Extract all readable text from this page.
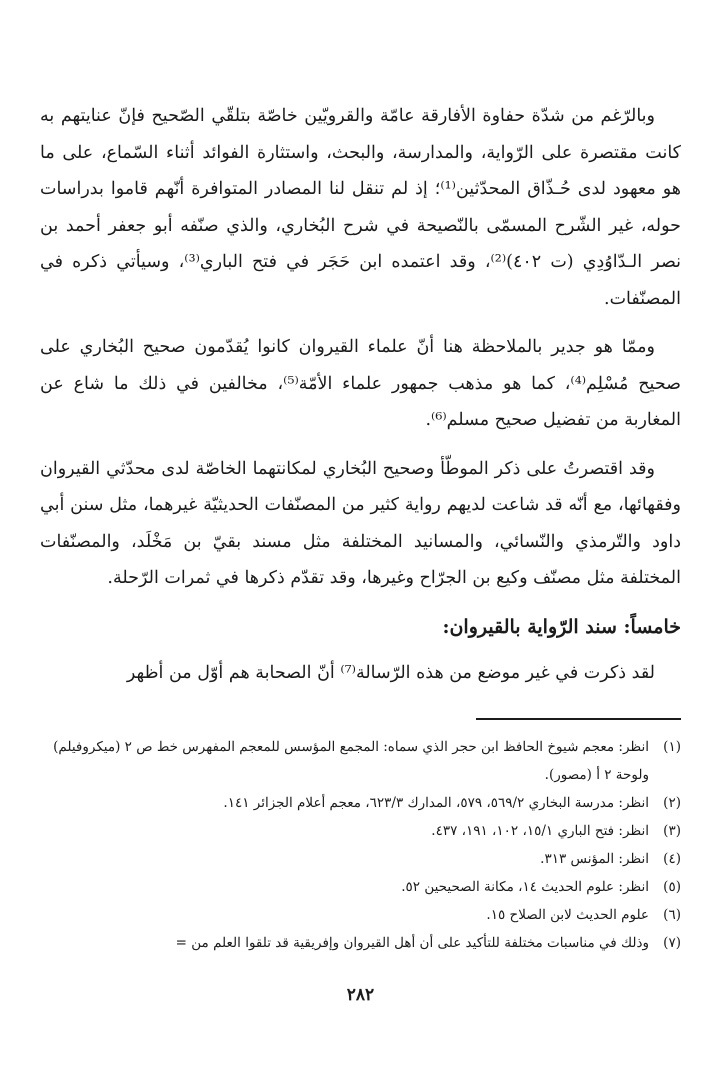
وبالرّغم من شدّة حفاوة الأفارقة عامّة والقرويّين خاصّة بتلقّي الصّحيح فإنّ عنايتهم به كانت مقتصرة على الرّواية، والمدارسة، والبحث، واستثارة الفوائد أثناء السّماع، على ما هو معهود لدى حُـذّاق المحدّثين⁽¹⁾؛ إذ لم تنقل لنا المصادر المتوافرة أنّهم قاموا بدراسات حوله، غير الشّرح المسمّى بالنّصيحة في شرح البُخاري، والذي صنّفه أبو جعفر أحمد بن نصر الـدّاوُدِي (ت ٤٠٢)⁽²⁾، وقد اعتمده ابن حَجَر في فتح الباري⁽³⁾، وسيأتي ذكره في المصنّفات.

وممّا هو جدير بالملاحظة هنا أنّ علماء القيروان كانوا يُقدّمون صحيح البُخاري على صحيح مُسْلِم⁽⁴⁾، كما هو مذهب جمهور علماء الأمّة⁽⁵⁾، مخالفين في ذلك ما شاع عن المغاربة من تفضيل صحيح مسلم⁽⁶⁾.

وقد اقتصرتُ على ذكر الموطّأ وصحيح البُخاري لمكانتهما الخاصّة لدى محدّثي القيروان وفقهائها، مع أنّه قد شاعت لديهم رواية كثير من المصنّفات الحديثيّة غيرهما، مثل سنن أبي داود والتّرمذي والنّسائي، والمسانيد المختلفة مثل مسند بقيّ بن مَخْلَد، والمصنّفات المختلفة مثل مصنّف وكيع بن الجرّاح وغيرها، وقد تقدّم ذكرها في ثمرات الرّحلة.

خامساً: سند الرّواية بالقيروان:

لقد ذكرت في غير موضع من هذه الرّسالة⁽⁷⁾ أنّ الصحابة هم أوّل من أظهر

(١)انظر: معجم شيوخ الحافظ ابن حجر الذي سماه: المجمع المؤسس للمعجم المفهرس خط ص ٢ (ميكروفيلم) ولوحة ٢ أ (مصور).

(٢)انظر: مدرسة البخاري ٥٦٩/٢، ٥٧٩، المدارك ٦٢٣/٣، معجم أعلام الجزائر ١٤١.

(٣)انظر: فتح الباري ١٥/١، ١٠٢، ١٩١، ٤٣٧.

(٤)انظر: المؤنس ٣١٣.

(٥)انظر: علوم الحديث ١٤، مكانة الصحيحين ٥٢.

(٦)علوم الحديث لابن الصلاح ١٥.

(٧)وذلك في مناسبات مختلفة للتأكيد على أن أهل القيروان وإفريقية قد تلقوا العلم من =

٢٨٢
